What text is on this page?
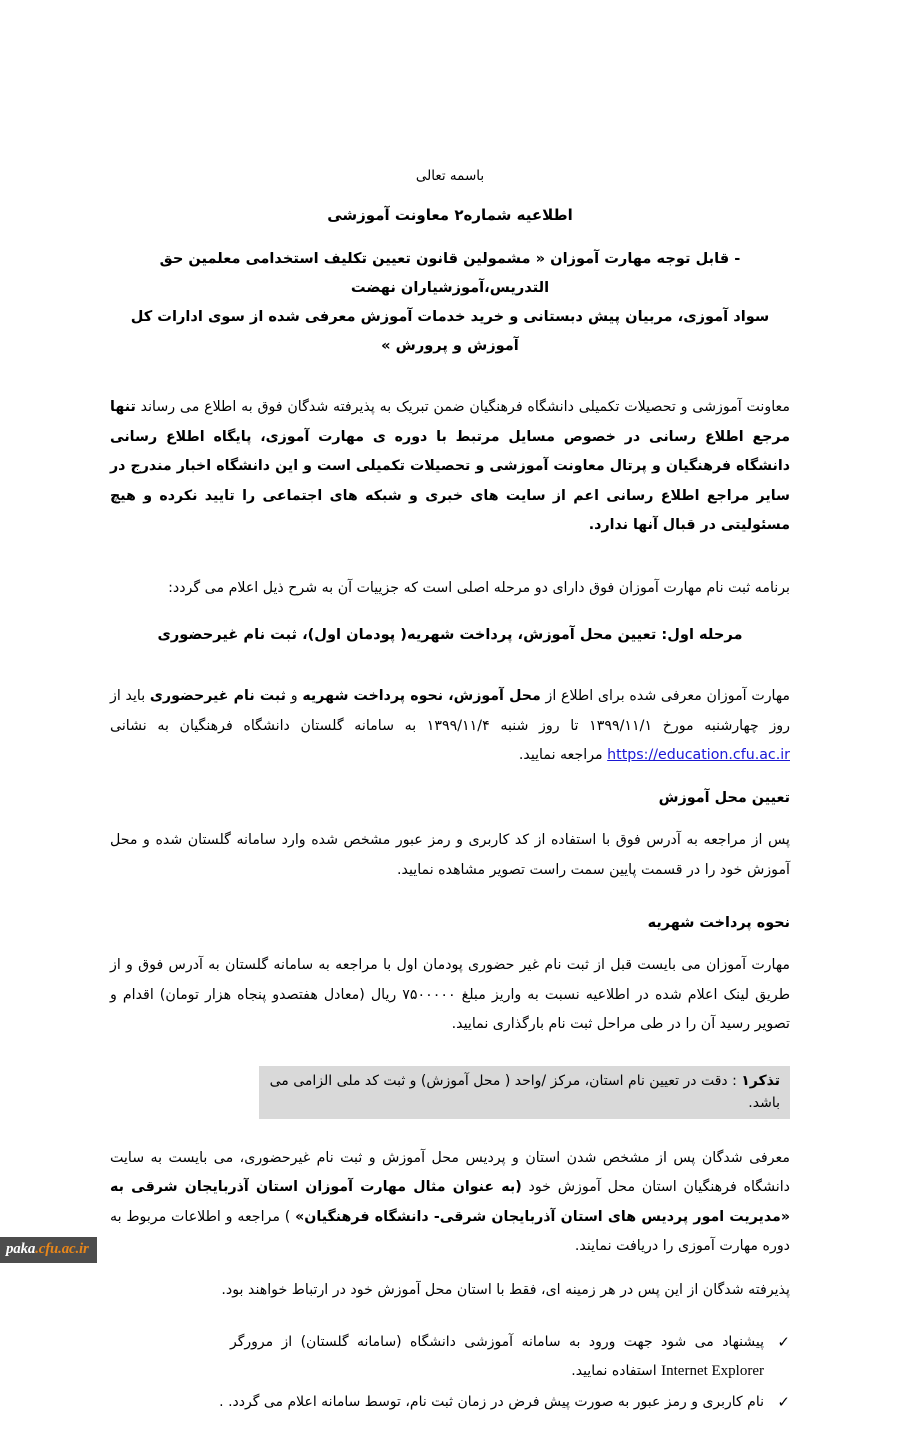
باسمه تعالی

اطلاعیه شماره۲ معاونت آموزشی

- قابل توجه مهارت آموزان « مشمولین قانون تعیین تکلیف استخدامی معلمین حق التدریس،آموزشیاران نهضت
سواد آموزی، مربیان پیش دبستانی و خرید خدمات آموزش معرفی شده از سوی ادارات کل آموزش و پرورش »

معاونت آموزشی و تحصیلات تکمیلی دانشگاه فرهنگیان ضمن تبریک به پذیرفته شدگان فوق به اطلاع می رساند تنها مرجع اطلاع رسانی در خصوص مسایل مرتبط با دوره ی مهارت آموزی، پایگاه اطلاع رسانی دانشگاه فرهنگیان و پرتال معاونت آموزشی و تحصیلات تکمیلی است و این دانشگاه اخبار مندرج در سایر مراجع اطلاع رسانی اعم از سایت های خبری و شبکه های اجتماعی را تایید نکرده و هیچ مسئولیتی در قبال آنها ندارد.

برنامه ثبت نام مهارت آموزان فوق دارای دو مرحله اصلی است که جزییات آن به شرح ذیل اعلام می گردد:

مرحله اول: تعیین محل آموزش، پرداخت شهریه( پودمان اول)، ثبت نام غیرحضوری

مهارت آموزان معرفی شده برای اطلاع از محل آموزش، نحوه پرداخت شهریه و ثبت نام غیرحضوری باید از روز چهارشنبه مورخ ۱۳۹۹/۱۱/۱ تا روز شنبه ۱۳۹۹/۱۱/۴ به سامانه گلستان دانشگاه فرهنگیان به نشانی https://education.cfu.ac.ir مراجعه نمایید.

تعیین محل آموزش

پس از مراجعه به آدرس فوق با استفاده از کد کاربری و رمز عبور مشخص شده وارد سامانه گلستان شده و محل آموزش خود را در قسمت پایین سمت راست تصویر مشاهده نمایید.

نحوه پرداخت شهریه

مهارت آموزان می بایست قبل از ثبت نام غیر حضوری پودمان اول با مراجعه به سامانه گلستان به آدرس فوق و از طریق لینک اعلام شده در اطلاعیه نسبت به واریز مبلغ ۷۵۰۰۰۰۰ ریال (معادل هفتصدو پنجاه هزار تومان) اقدام و تصویر رسید آن را در طی مراحل ثبت نام بارگذاری نمایید.

تذکر۱ : دقت در تعیین نام استان، مرکز /واحد ( محل آموزش) و ثبت کد ملی الزامی می باشد.

معرفی شدگان پس از مشخص شدن استان و پردیس محل آموزش و ثبت نام غیرحضوری، می بایست به سایت دانشگاه فرهنگیان استان محل آموزش خود (به عنوان مثال مهارت آموزان استان آذربایجان شرقی به «مدیریت امور پردیس های استان آذربایجان شرقی- دانشگاه فرهنگیان» ) مراجعه و اطلاعات مربوط به دوره مهارت آموزی را دریافت نمایند.

پذیرفته شدگان از این پس در هر زمینه ای، فقط با استان محل آموزش خود در ارتباط خواهند بود.

✓
پیشنهاد می شود جهت ورود به سامانه آموزشی دانشگاه (سامانه گلستان) از مرورگر Internet Explorer استفاده نمایید.
✓
نام کاربری و رمز عبور به صورت پیش فرض در زمان ثبت نام، توسط سامانه اعلام می گردد. .
paka.cfu.ac.ir
